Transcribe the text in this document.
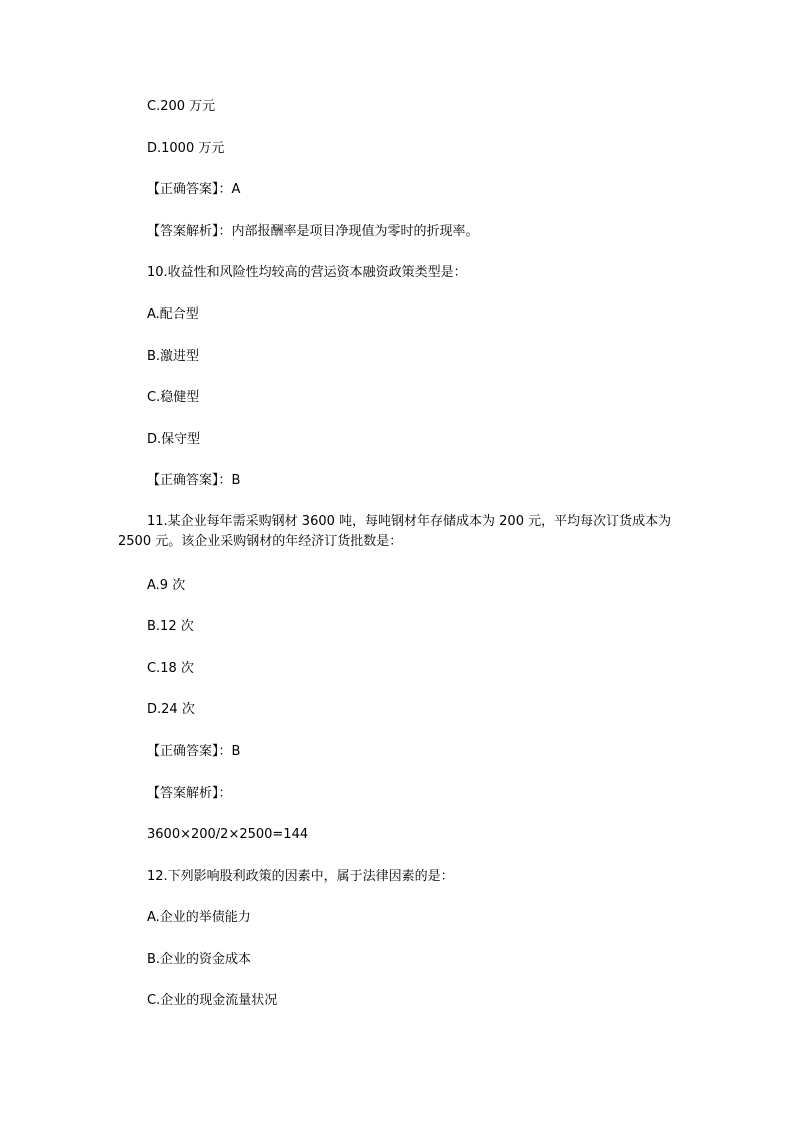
C.200 万元
D.1000 万元
【正确答案】：A
【答案解析】：内部报酬率是项目净现值为零时的折现率。
10.收益性和风险性均较高的营运资本融资政策类型是：
A.配合型
B.激进型
C.稳健型
D.保守型
【正确答案】：B
11.某企业每年需采购钢材 3600 吨，每吨钢材年存储成本为 200 元，平均每次订货成本为 2500 元。该企业采购钢材的年经济订货批数是：
A.9 次
B.12 次
C.18 次
D.24 次
【正确答案】：B
【答案解析】：
3600×200/2×2500=144
12.下列影响股利政策的因素中，属于法律因素的是：
A.企业的举债能力
B.企业的资金成本
C.企业的现金流量状况
